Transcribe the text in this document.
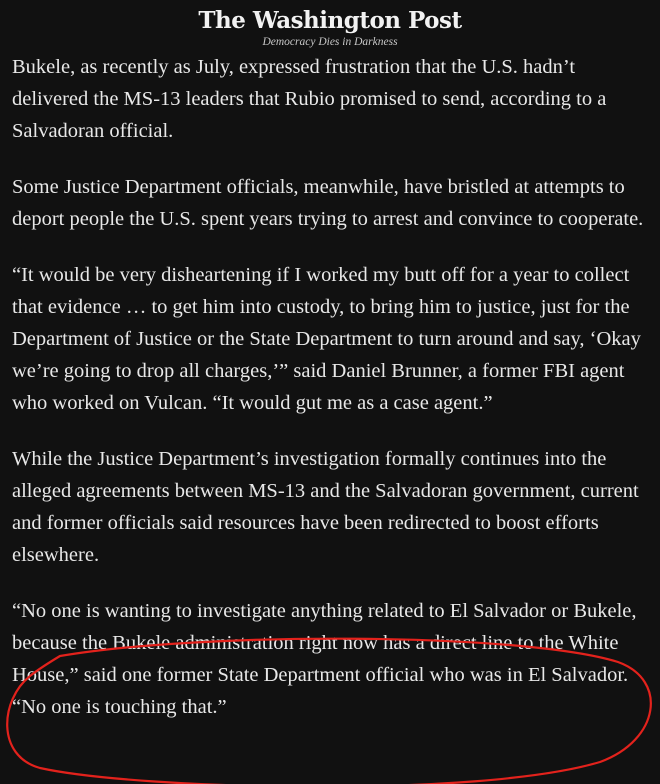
The Washington Post
Democracy Dies in Darkness

Bukele, as recently as July, expressed frustration that the U.S. hadn’t delivered the MS-13 leaders that Rubio promised to send, according to a Salvadoran official.

Some Justice Department officials, meanwhile, have bristled at attempts to deport people the U.S. spent years trying to arrest and convince to cooperate.

“It would be very disheartening if I worked my butt off for a year to collect that evidence … to get him into custody, to bring him to justice, just for the Department of Justice or the State Department to turn around and say, ‘Okay we’re going to drop all charges,’” said Daniel Brunner, a former FBI agent who worked on Vulcan. “It would gut me as a case agent.”

While the Justice Department’s investigation formally continues into the alleged agreements between MS-13 and the Salvadoran government, current and former officials said resources have been redirected to boost efforts elsewhere.

“No one is wanting to investigate anything related to El Salvador or Bukele, because the Bukele administration right now has a direct line to the White House,” said one former State Department official who was in El Salvador. “No one is touching that.”
